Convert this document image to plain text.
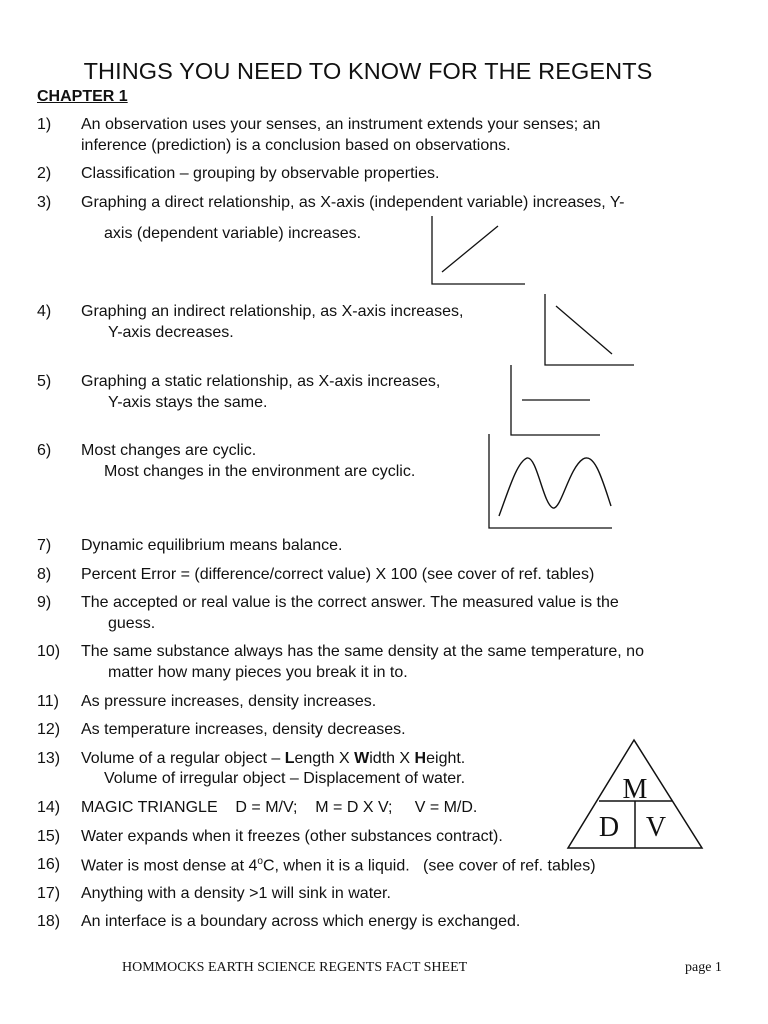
THINGS YOU NEED TO KNOW FOR THE REGENTS
CHAPTER 1
1) An observation uses your senses, an instrument extends your senses; an
inference (prediction) is a conclusion based on observations.
2) Classification – grouping by observable properties.
3) Graphing a direct relationship, as X-axis (independent variable) increases, Y-
axis (dependent variable) increases.
4) Graphing an indirect relationship, as X-axis increases,
Y-axis decreases.
5) Graphing a static relationship, as X-axis increases,
Y-axis stays the same.
6) Most changes are cyclic.
Most changes in the environment are cyclic.
7) Dynamic equilibrium means balance.
8) Percent Error = (difference/correct value) X 100 (see cover of ref. tables)
9) The accepted or real value is the correct answer. The measured value is the
guess.
10) The same substance always has the same density at the same temperature, no
matter how many pieces you break it in to.
11) As pressure increases, density increases.
12) As temperature increases, density decreases.
13) Volume of a regular object – Length X Width X Height.
Volume of irregular object – Displacement of water.
14) MAGIC TRIANGLE    D = M/V;    M = D X V;     V = M/D.
15) Water expands when it freezes (other substances contract).
16) Water is most dense at 4$^o$C, when it is a liquid.   (see cover of ref. tables)
17) Anything with a density >1 will sink in water.
18) An interface is a boundary across which energy is exchanged.
M
D V
HOMMOCKS EARTH SCIENCE REGENTS FACT SHEET	page 1
